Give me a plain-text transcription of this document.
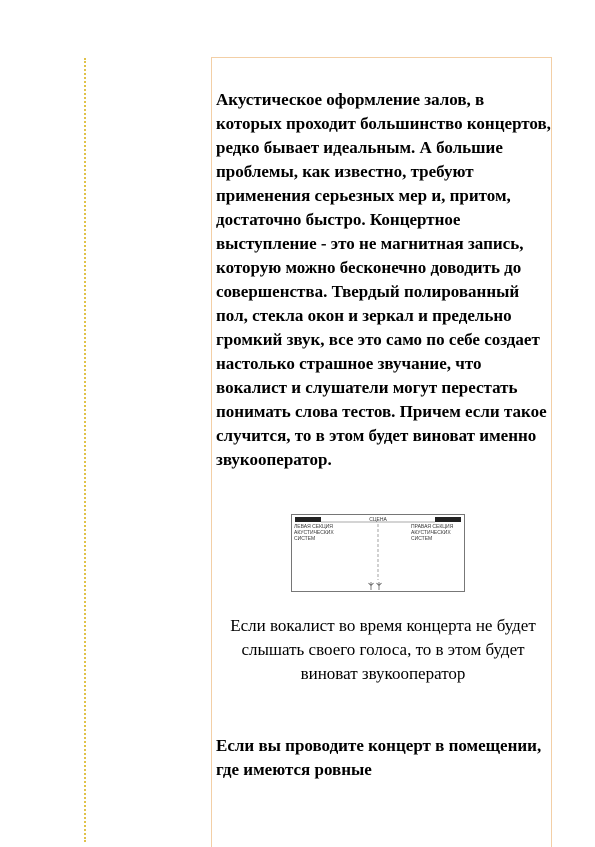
Акустическое оформление залов, в которых проходит большинство концертов, редко бывает идеальным. А большие проблемы, как известно, требуют применения серьезных мер и, притом, достаточно быстро. Концертное выступление - это не магнитная запись, которую можно бесконечно доводить до совершенства. Твердый полированный пол, стекла окон и зеркал и предельно громкий звук, все это само по себе создает настолько страшное звучание, что вокалист и слушатели могут перестать понимать слова тестов. Причем если такое случится, то в этом будет виноват именно звукооператор.

СЦЕНА
ЛЕВАЯ СЕКЦИЯ
АКУСТИЧЕСКИХ
СИСТЕМ
ПРАВАЯ СЕКЦИЯ
АКУСТИЧЕСКИХ
СИСТЕМ

Если вокалист во время концерта не будет слышать своего голоса, то в этом будет виноват звукооператор

Если вы проводите концерт в помещении, где имеются ровные
